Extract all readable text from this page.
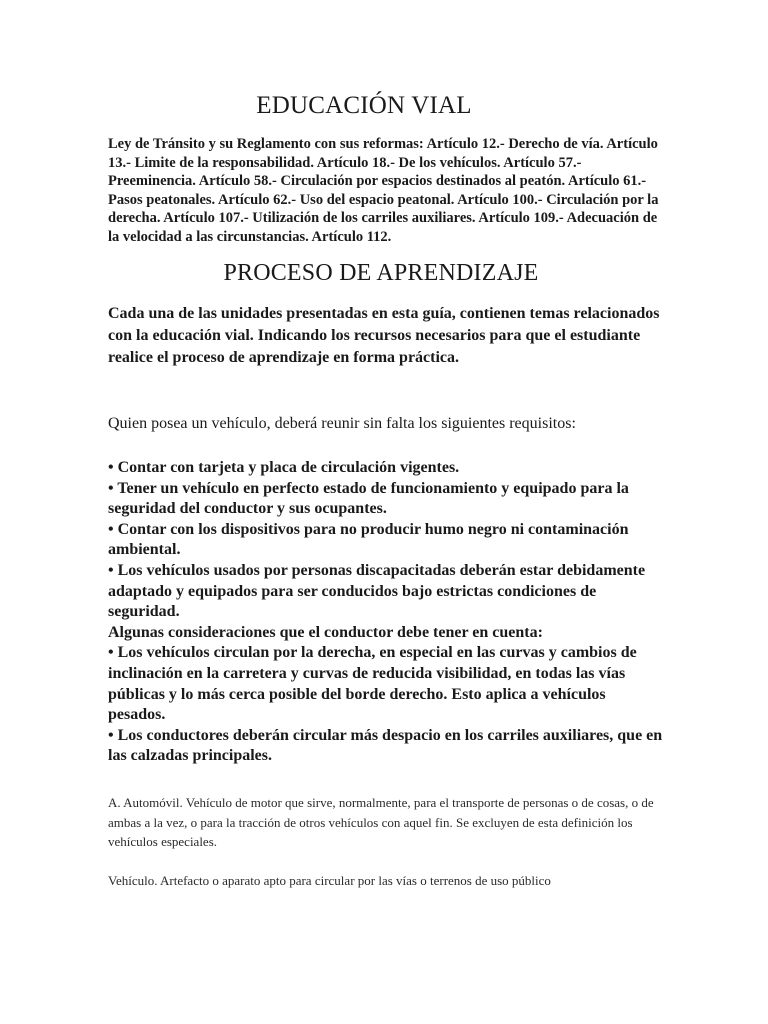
EDUCACIÓN VIAL

Ley de Tránsito y su Reglamento con sus reformas: Artículo 12.- Derecho de vía. Artículo 13.- Limite de la responsabilidad. Artículo 18.- De los vehículos. Artículo 57.- Preeminencia. Artículo 58.- Circulación por espacios destinados al peatón. Artículo 61.- Pasos peatonales. Artículo 62.- Uso del espacio peatonal. Artículo 100.- Circulación por la derecha. Artículo 107.- Utilización de los carriles auxiliares. Artículo 109.- Adecuación de la velocidad a las circunstancias. Artículo 112.

PROCESO DE APRENDIZAJE

Cada una de las unidades presentadas en esta guía, contienen temas relacionados con la educación vial. Indicando los recursos necesarios para que el estudiante realice el proceso de aprendizaje en forma práctica.

Quien posea un vehículo, deberá reunir sin falta los siguientes requisitos:

• Contar con tarjeta y placa de circulación vigentes.

• Tener un vehículo en perfecto estado de funcionamiento y equipado para la seguridad del conductor y sus ocupantes.

• Contar con los dispositivos para no producir humo negro ni contaminación ambiental.

• Los vehículos usados por personas discapacitadas deberán estar debidamente adaptado y equipados para ser conducidos bajo estrictas condiciones de seguridad.

Algunas consideraciones que el conductor debe tener en cuenta:

• Los vehículos circulan por la derecha, en especial en las curvas y cambios de inclinación en la carretera y curvas de reducida visibilidad, en todas las vías públicas y lo más cerca posible del borde derecho. Esto aplica a vehículos pesados.

• Los conductores deberán circular más despacio en los carriles auxiliares, que en las calzadas principales.

A. Automóvil. Vehículo de motor que sirve, normalmente, para el transporte de personas o de cosas, o de ambas a la vez, o para la tracción de otros vehículos con aquel fin. Se excluyen de esta definición los vehículos especiales.

Vehículo. Artefacto o aparato apto para circular por las vías o terrenos de uso público
